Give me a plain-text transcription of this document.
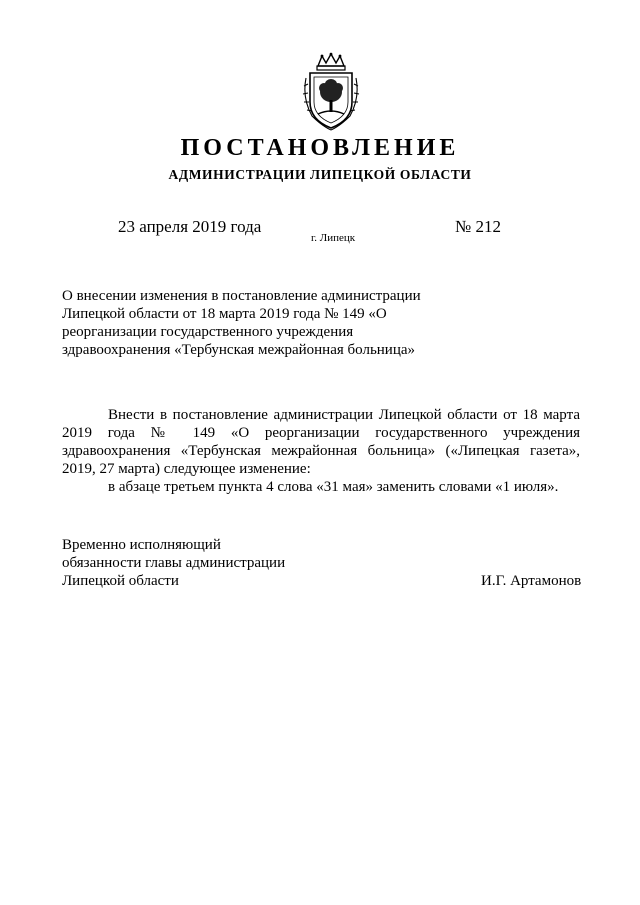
ПОСТАНОВЛЕНИЕ
АДМИНИСТРАЦИИ ЛИПЕЦКОЙ ОБЛАСТИ
23 апреля 2019 года
г. Липецк
№ 212
О внесении изменения в постановление администрации Липецкой области от 18 марта 2019 года № 149 «О реорганизации государственного учреждения здравоохранения «Тербунская межрайонная больница»

Внести в постановление администрации Липецкой области от 18 марта 2019 года № 149 «О реорганизации государственного учреждения здравоохранения «Тербунская межрайонная больница» («Липецкая газета», 2019, 27 марта) следующее изменение:

в абзаце третьем пункта 4 слова «31 мая» заменить словами «1 июля».

Временно исполняющий
обязанности главы администрации
Липецкой области	И.Г. Артамонов
